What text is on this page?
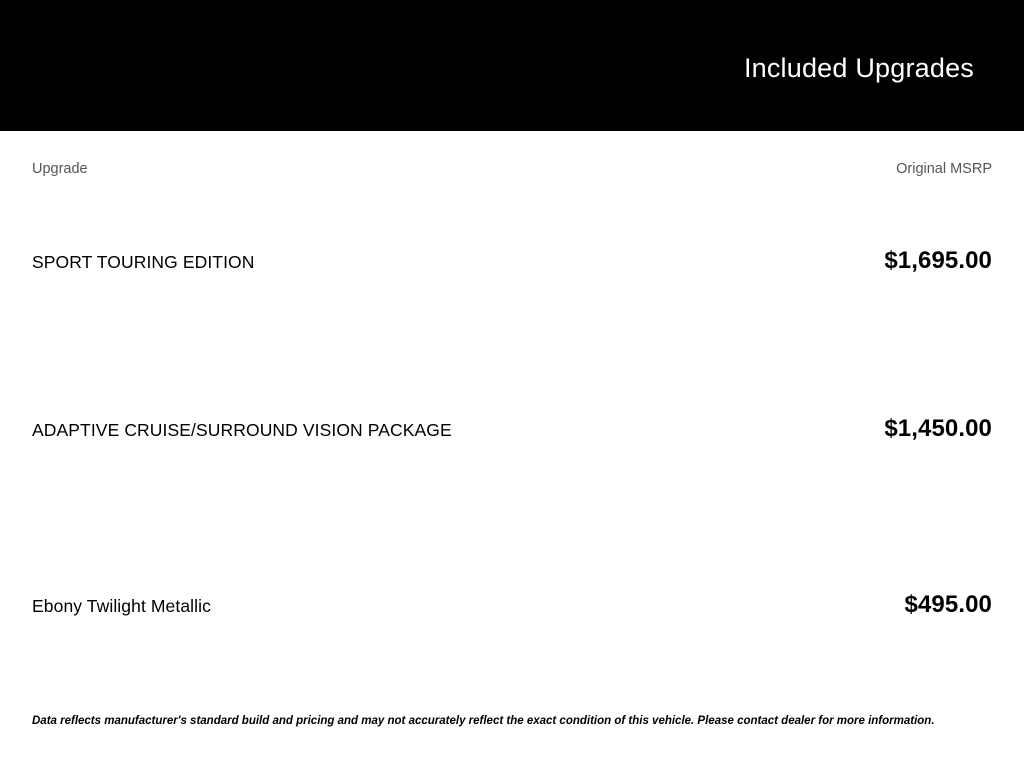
Included Upgrades
Upgrade	Original MSRP
SPORT TOURING EDITION	$1,695.00
ADAPTIVE CRUISE/SURROUND VISION PACKAGE	$1,450.00
Ebony Twilight Metallic	$495.00
Data reflects manufacturer's standard build and pricing and may not accurately reflect the exact condition of this vehicle. Please contact dealer for more information.
